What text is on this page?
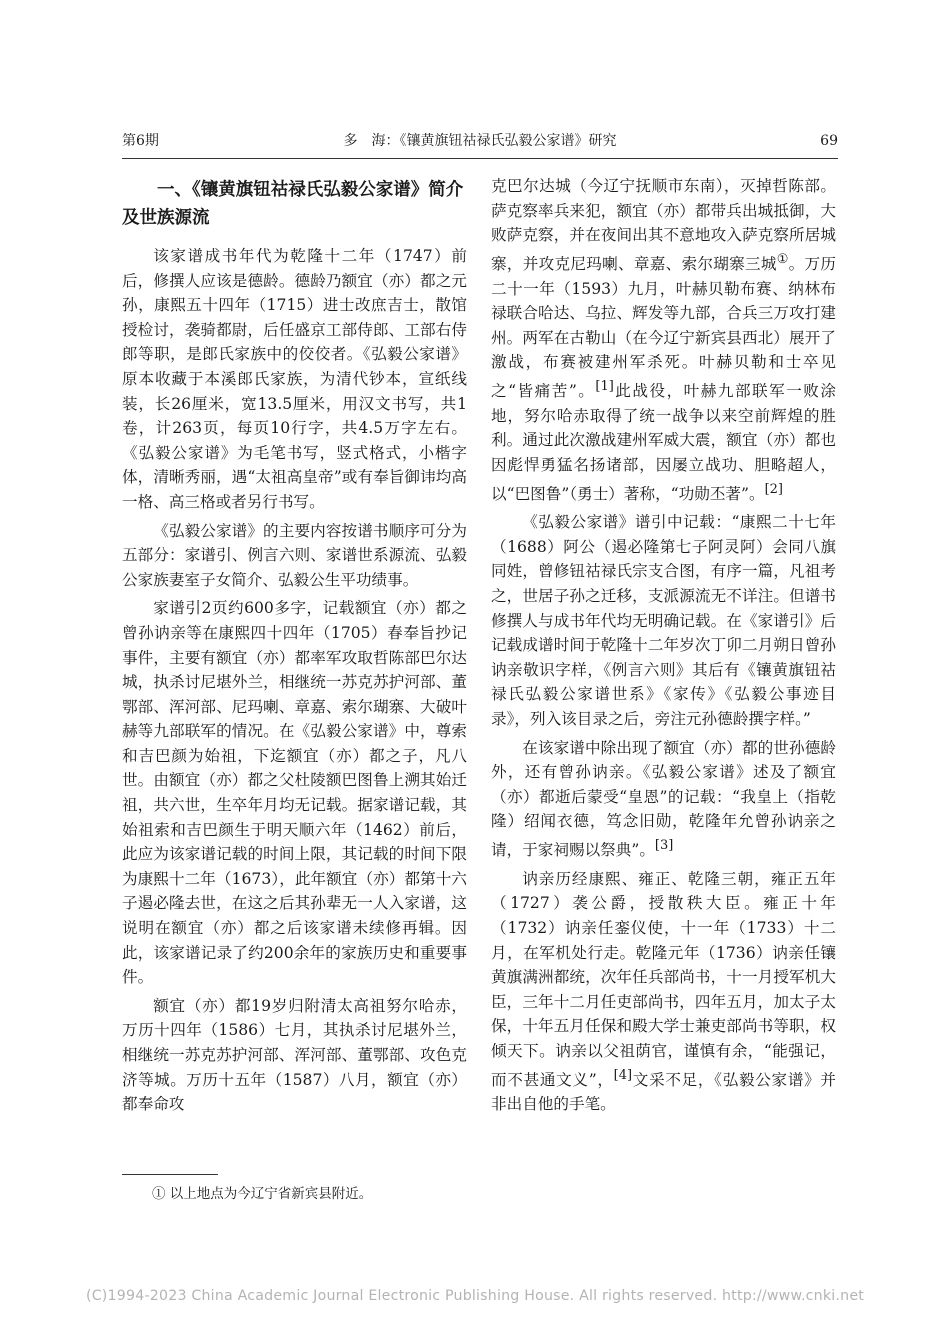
第6期	多　海：《镶黄旗钮祜禄氏弘毅公家谱》研究	69
一、《镶黄旗钮祜禄氏弘毅公家谱》简介及世族源流

该家谱成书年代为乾隆十二年（1747）前后，修撰人应该是德龄。德龄乃额宜（亦）都之元孙，康熙五十四年（1715）进士改庶吉士，散馆授检讨，袭骑都尉，后任盛京工部侍郎、工部右侍郎等职，是郎氏家族中的佼佼者。《弘毅公家谱》原本收藏于本溪郎氏家族，为清代钞本，宣纸线装，长26厘米，宽13.5厘米，用汉文书写，共1卷，计263页，每页10行字，共4.5万字左右。《弘毅公家谱》为毛笔书写，竖式格式，小楷字体，清晰秀丽，遇“太祖高皇帝”或有奉旨御讳均高一格、高三格或者另行书写。

《弘毅公家谱》的主要内容按谱书顺序可分为五部分：家谱引、例言六则、家谱世系源流、弘毅公家族妻室子女简介、弘毅公生平功绩事。

家谱引2页约600多字，记载额宜（亦）都之曾孙讷亲等在康熙四十四年（1705）春奉旨抄记事件，主要有额宜（亦）都率军攻取哲陈部巴尔达城，执杀讨尼堪外兰，相继统一苏克苏护河部、董鄂部、浑河部、尼玛喇、章嘉、索尔瑚寨、大破叶赫等九部联军的情况。在《弘毅公家谱》中，尊索和吉巴颜为始祖，下迄额宜（亦）都之子，凡八世。由额宜（亦）都之父杜陵额巴图鲁上溯其始迁祖，共六世，生卒年月均无记载。据家谱记载，其始祖索和吉巴颜生于明天顺六年（1462）前后，此应为该家谱记载的时间上限，其记载的时间下限为康熙十二年（1673），此年额宜（亦）都第十六子遏必隆去世，在这之后其孙辈无一人入家谱，这说明在额宜（亦）都之后该家谱未续修再辑。因此，该家谱记录了约200余年的家族历史和重要事件。

额宜（亦）都19岁归附清太高祖努尔哈赤，万历十四年（1586）七月，其执杀讨尼堪外兰，相继统一苏克苏护河部、浑河部、董鄂部、攻色克济等城。万历十五年（1587）八月，额宜（亦）都奉命攻

克巴尔达城（今辽宁抚顺市东南），灭掉哲陈部。萨克察率兵来犯，额宜（亦）都带兵出城抵御，大败萨克察，并在夜间出其不意地攻入萨克察所居城寨，并攻克尼玛喇、章嘉、索尔瑚寨三城①。万历二十一年（1593）九月，叶赫贝勒布赛、纳林布禄联合哈达、乌拉、辉发等九部，合兵三万攻打建州。两军在古勒山（在今辽宁新宾县西北）展开了激战，布赛被建州军杀死。叶赫贝勒和士卒见之“皆痛苦”。[1]此战役，叶赫九部联军一败涂地，努尔哈赤取得了统一战争以来空前辉煌的胜利。通过此次激战建州军威大震，额宜（亦）都也因彪悍勇猛名扬诸部，因屡立战功、胆略超人，以“巴图鲁”（勇士）著称，“功勋丕著”。[2]

《弘毅公家谱》谱引中记载：“康熙二十七年（1688）阿公（遏必隆第七子阿灵阿）会同八旗同姓，曾修钮祜禄氏宗支合图，有序一篇，凡祖考之，世居子孙之迁移，支派源流无不详注。但谱书修撰人与成书年代均无明确记载。在《家谱引》后记载成谱时间于乾隆十二年岁次丁卯二月朔日曾孙讷亲敬识字样，《例言六则》其后有《镶黄旗钮祜禄氏弘毅公家谱世系》《家传》《弘毅公事迹目录》，列入该目录之后，旁注元孙德龄撰字样。”

在该家谱中除出现了额宜（亦）都的世孙德龄外，还有曾孙讷亲。《弘毅公家谱》述及了额宜（亦）都逝后蒙受“皇恩”的记载：“我皇上（指乾隆）绍闻衣德，笃念旧勋，乾隆年允曾孙讷亲之请，于家祠赐以祭典”。[3]

讷亲历经康熙、雍正、乾隆三朝，雍正五年（1727）袭公爵，授散秩大臣。雍正十年（1732）讷亲任銮仪使，十一年（1733）十二月，在军机处行走。乾隆元年（1736）讷亲任镶黄旗满洲都统，次年任兵部尚书，十一月授军机大臣，三年十二月任吏部尚书，四年五月，加太子太保，十年五月任保和殿大学士兼吏部尚书等职，权倾天下。讷亲以父祖荫官，谨慎有余，“能强记，而不甚通文义”，[4]文采不足，《弘毅公家谱》并非出自他的手笔。

① 以上地点为今辽宁省新宾县附近。
(C)1994-2023 China Academic Journal Electronic Publishing House. All rights reserved. http://www.cnki.net
